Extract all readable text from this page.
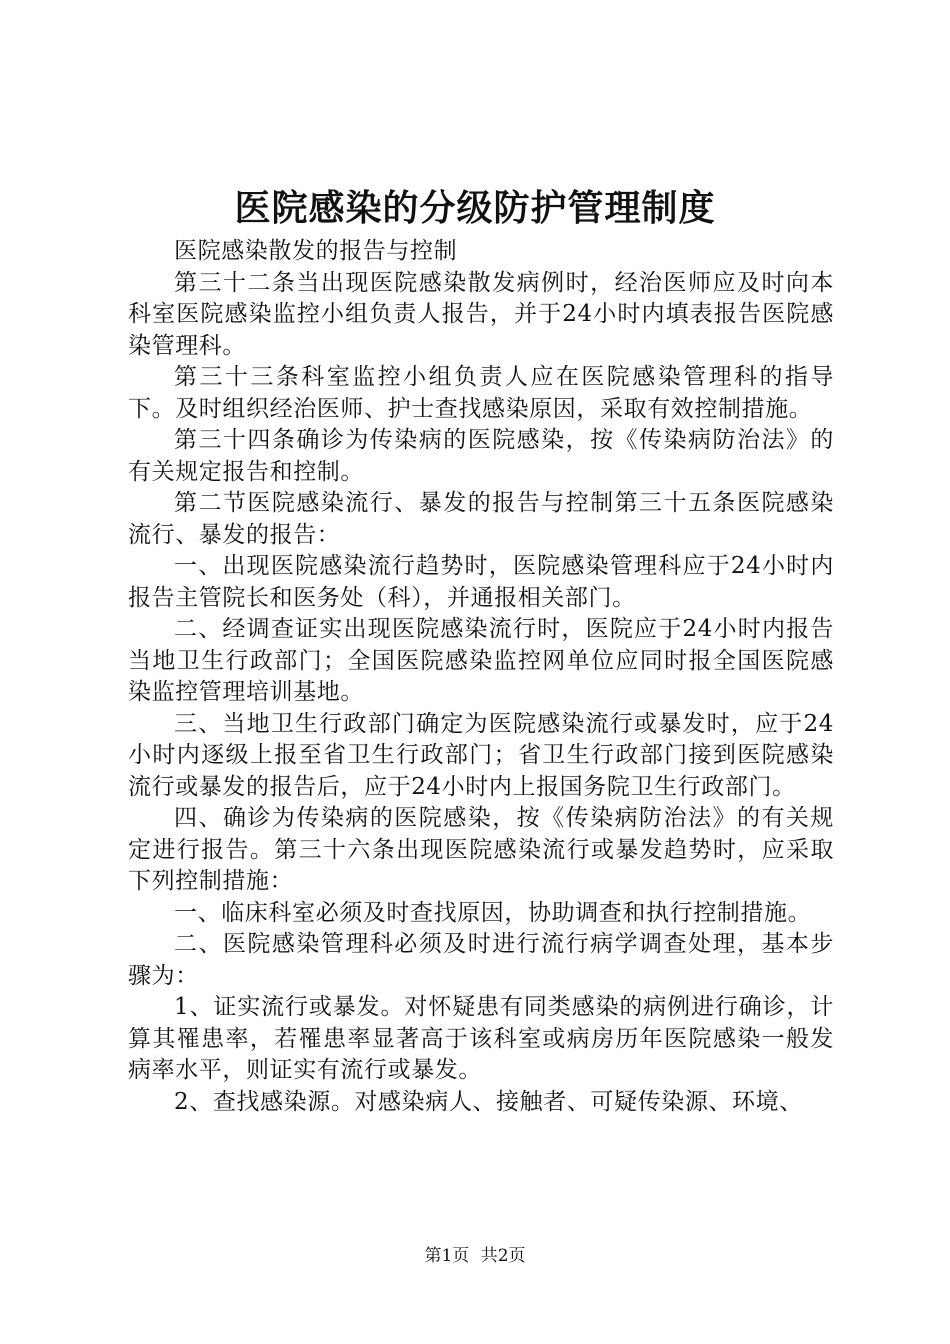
医院感染的分级防护管理制度

医院感染散发的报告与控制

第三十二条当出现医院感染散发病例时，经治医师应及时向本科室医院感染监控小组负责人报告，并于24小时内填表报告医院感染管理科。

第三十三条科室监控小组负责人应在医院感染管理科的指导下。及时组织经治医师、护士查找感染原因，采取有效控制措施。

第三十四条确诊为传染病的医院感染，按《传染病防治法》的有关规定报告和控制。

第二节医院感染流行、暴发的报告与控制第三十五条医院感染流行、暴发的报告：

一、出现医院感染流行趋势时，医院感染管理科应于24小时内报告主管院长和医务处（科），并通报相关部门。

二、经调查证实出现医院感染流行时，医院应于24小时内报告当地卫生行政部门；全国医院感染监控网单位应同时报全国医院感染监控管理培训基地。

三、当地卫生行政部门确定为医院感染流行或暴发时，应于24小时内逐级上报至省卫生行政部门；省卫生行政部门接到医院感染流行或暴发的报告后，应于24小时内上报国务院卫生行政部门。

四、确诊为传染病的医院感染，按《传染病防治法》的有关规定进行报告。第三十六条出现医院感染流行或暴发趋势时，应采取下列控制措施：

一、临床科室必须及时查找原因，协助调查和执行控制措施。

二、医院感染管理科必须及时进行流行病学调查处理，基本步骤为：

1、证实流行或暴发。对怀疑患有同类感染的病例进行确诊，计算其罹患率，若罹患率显著高于该科室或病房历年医院感染一般发病率水平，则证实有流行或暴发。

2、查找感染源。对感染病人、接触者、可疑传染源、环境、

第1页 共2页
